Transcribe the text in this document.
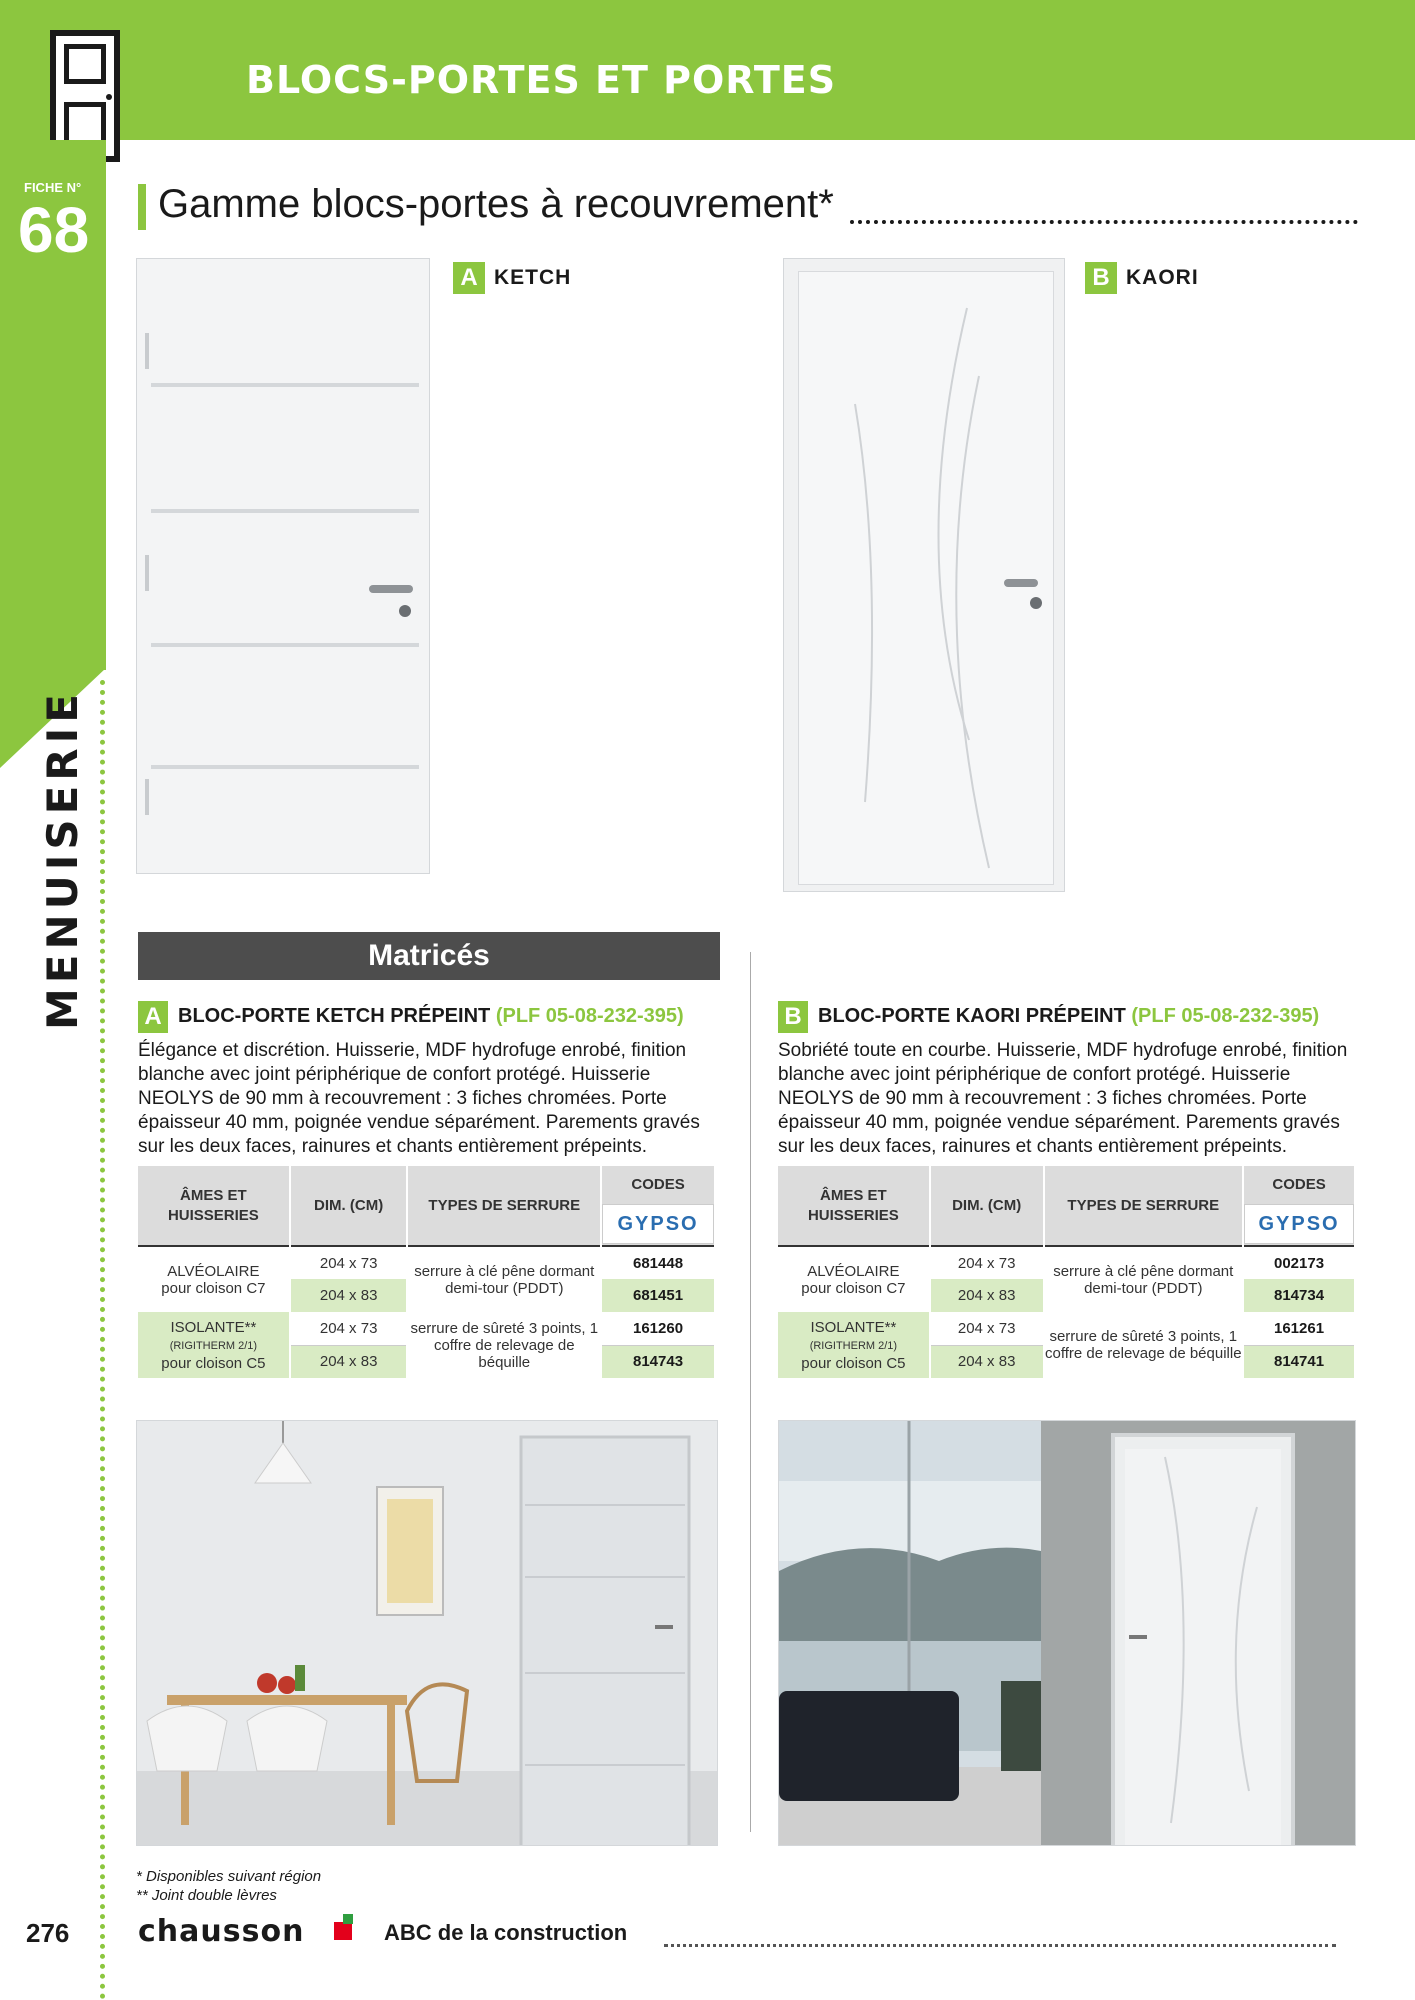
BLOCS-PORTES ET PORTES
FICHE N°
68
MENUISERIE
Gamme blocs-portes à recouvrement*
A KETCH	B KAORI
Matricés
A BLOC-PORTE KETCH PRÉPEINT (PLF 05-08-232-395)
Élégance et discrétion. Huisserie, MDF hydrofuge enrobé, finition blanche avec joint périphérique de confort protégé. Huisserie NEOLYS de 90 mm à recouvrement : 3 fiches chromées. Porte épaisseur 40 mm, poignée vendue séparément. Parements gravés sur les deux faces, rainures et chants entièrement prépeints.
ÂMES ET HUISSERIES	DIM. (CM)	TYPES DE SERRURE	CODES
GYPSO

ALVÉOLAIRE
pour cloison C7	204 x 73	serrure à clé pêne dormant demi-tour (PDDT)	681448
	204 x 83		681451
ISOLANTE**
(RIGITHERM 2/1)
pour cloison C5	204 x 73	serrure de sûreté 3 points, 1 coffre de relevage de béquille	161260
	204 x 83		814743
B BLOC-PORTE KAORI PRÉPEINT (PLF 05-08-232-395)
Sobriété toute en courbe. Huisserie, MDF hydrofuge enrobé, finition blanche avec joint périphérique de confort protégé. Huisserie NEOLYS de 90 mm à recouvrement : 3 fiches chromées. Porte épaisseur 40 mm, poignée vendue séparément. Parements gravés sur les deux faces, rainures et chants entièrement prépeints.
ÂMES ET HUISSERIES	DIM. (CM)	TYPES DE SERRURE	CODES
GYPSO

ALVÉOLAIRE
pour cloison C7	204 x 73	serrure à clé pêne dormant demi-tour (PDDT)	002173
	204 x 83		814734
ISOLANTE**
(RIGITHERM 2/1)
pour cloison C5	204 x 73	serrure de sûreté 3 points, 1 coffre de relevage de béquille	161261
	204 x 83		814741
* Disponibles suivant région
** Joint double lèvres
276 chausson	ABC de la construction
